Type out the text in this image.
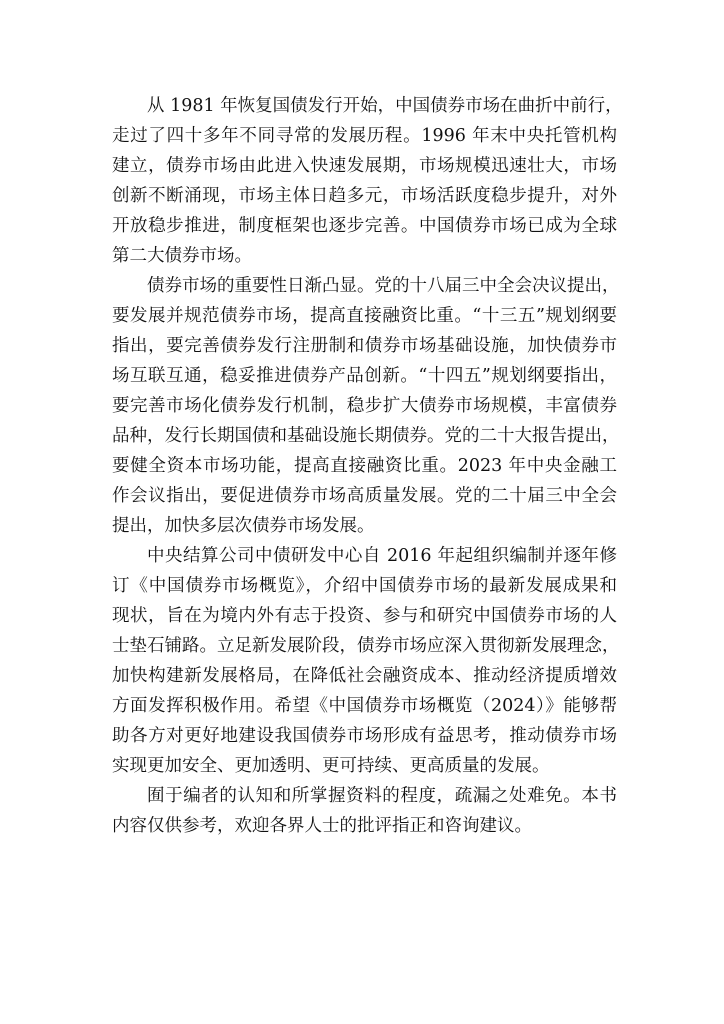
从 1981 年恢复国债发行开始，中国债券市场在曲折中前行，
走过了四十多年不同寻常的发展历程。1996 年末中央托管机构
建立，债券市场由此进入快速发展期，市场规模迅速壮大，市场
创新不断涌现，市场主体日趋多元，市场活跃度稳步提升，对外
开放稳步推进，制度框架也逐步完善。中国债券市场已成为全球
第二大债券市场。
债券市场的重要性日渐凸显。党的十八届三中全会决议提出，
要发展并规范债券市场，提高直接融资比重。“十三五”规划纲要
指出，要完善债券发行注册制和债券市场基础设施，加快债券市
场互联互通，稳妥推进债券产品创新。“十四五”规划纲要指出，
要完善市场化债券发行机制，稳步扩大债券市场规模，丰富债券
品种，发行长期国债和基础设施长期债券。党的二十大报告提出，
要健全资本市场功能，提高直接融资比重。2023 年中央金融工
作会议指出，要促进债券市场高质量发展。党的二十届三中全会
提出，加快多层次债券市场发展。
中央结算公司中债研发中心自 2016 年起组织编制并逐年修
订《中国债券市场概览》，介绍中国债券市场的最新发展成果和
现状，旨在为境内外有志于投资、参与和研究中国债券市场的人
士垫石铺路。立足新发展阶段，债券市场应深入贯彻新发展理念，
加快构建新发展格局，在降低社会融资成本、推动经济提质增效
方面发挥积极作用。希望《中国债券市场概览（2024）》能够帮
助各方对更好地建设我国债券市场形成有益思考，推动债券市场
实现更加安全、更加透明、更可持续、更高质量的发展。
囿于编者的认知和所掌握资料的程度，疏漏之处难免。本书
内容仅供参考，欢迎各界人士的批评指正和咨询建议。
